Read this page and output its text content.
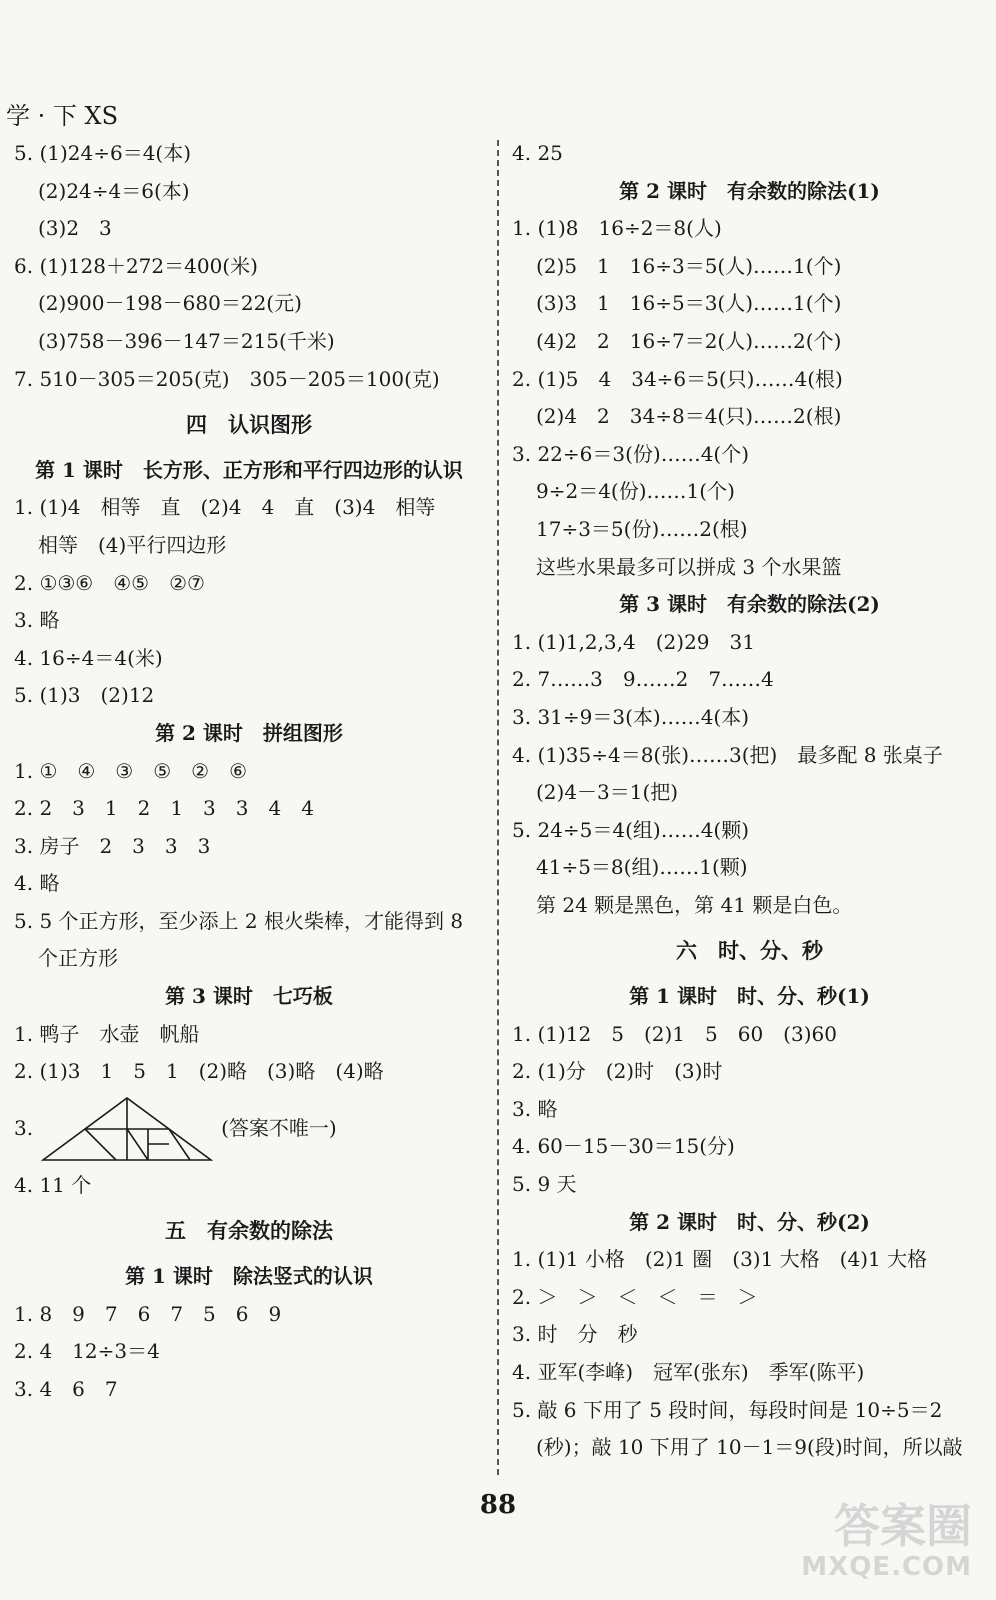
学 · 下 XS
5. (1)24÷6＝4(本)
(2)24÷4＝6(本)
(3)2　3
6. (1)128＋272＝400(米)
(2)900－198－680＝22(元)
(3)758－396－147＝215(千米)
7. 510－305＝205(克)　305－205＝100(克)
四　认识图形
第 1 课时　长方形、正方形和平行四边形的认识
1. (1)4　相等　直　(2)4　4　直　(3)4　相等
相等　(4)平行四边形
2. ①③⑥　④⑤　②⑦
3. 略
4. 16÷4＝4(米)
5. (1)3　(2)12
第 2 课时　拼组图形
1. ①　④　③　⑤　②　⑥
2. 2　3　1　2　1　3　3　4　4
3. 房子　2　3　3　3
4. 略
5. 5 个正方形，至少添上 2 根火柴棒，才能得到 8
个正方形
第 3 课时　七巧板
1. 鸭子　水壶　帆船
2. (1)3　1　5　1　(2)略　(3)略　(4)略
3.	(答案不唯一)
4. 11 个
五　有余数的除法
第 1 课时　除法竖式的认识
1. 8　9　7　6　7　5　6　9
2. 4　12÷3＝4
3. 4　6　7
4. 25
第 2 课时　有余数的除法(1)
1. (1)8　16÷2＝8(人)
(2)5　1　16÷3＝5(人)……1(个)
(3)3　1　16÷5＝3(人)……1(个)
(4)2　2　16÷7＝2(人)……2(个)
2. (1)5　4　34÷6＝5(只)……4(根)
(2)4　2　34÷8＝4(只)……2(根)
3. 22÷6＝3(份)……4(个)
9÷2＝4(份)……1(个)
17÷3＝5(份)……2(根)
这些水果最多可以拼成 3 个水果篮
第 3 课时　有余数的除法(2)
1. (1)1,2,3,4　(2)29　31
2. 7……3　9……2　7……4
3. 31÷9＝3(本)……4(本)
4. (1)35÷4＝8(张)……3(把)　最多配 8 张桌子
(2)4－3＝1(把)
5. 24÷5＝4(组)……4(颗)
41÷5＝8(组)……1(颗)
第 24 颗是黑色，第 41 颗是白色。
六　时、分、秒
第 1 课时　时、分、秒(1)
1. (1)12　5　(2)1　5　60　(3)60
2. (1)分　(2)时　(3)时
3. 略
4. 60－15－30＝15(分)
5. 9 天
第 2 课时　时、分、秒(2)
1. (1)1 小格　(2)1 圈　(3)1 大格　(4)1 大格
2. ＞　＞　＜　＜　＝　＞
3. 时　分　秒
4. 亚军(李峰)　冠军(张东)　季军(陈平)
5. 敲 6 下用了 5 段时间，每段时间是 10÷5＝2
(秒)；敲 10 下用了 10－1＝9(段)时间，所以敲
88	答案圈
MXQE.COM
